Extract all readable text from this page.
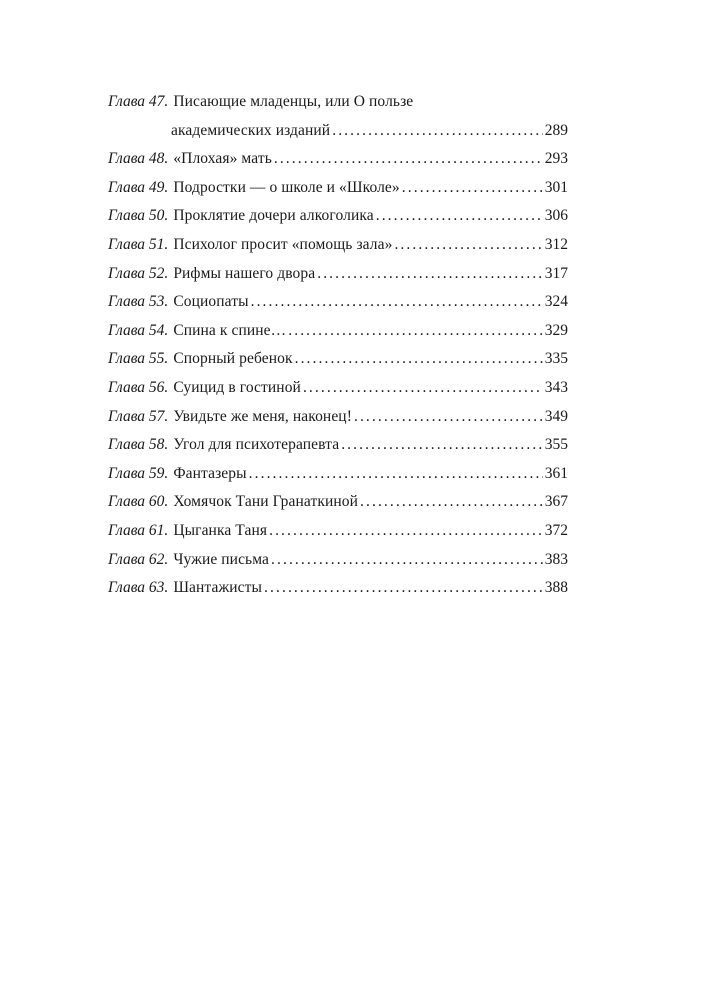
Глава 47. Писающие младенцы, или О пользе
академических изданий .....	289
Глава 48. «Плохая» мать .....	293
Глава 49. Подростки — о школе и «Школе» .....	301
Глава 50. Проклятие дочери алкоголика .....	306
Глава 51. Психолог просит «помощь зала» .....	312
Глава 52. Рифмы нашего двора .....	317
Глава 53. Социопаты .....	324
Глава 54. Спина к спине… .....	329
Глава 55. Спорный ребенок .....	335
Глава 56. Суицид в гостиной .....	343
Глава 57. Увидьте же меня, наконец! .....	349
Глава 58. Угол для психотерапевта .....	355
Глава 59. Фантазеры .....	361
Глава 60. Хомячок Тани Гранаткиной .....	367
Глава 61. Цыганка Таня .....	372
Глава 62. Чужие письма .....	383
Глава 63. Шантажисты .....	388
